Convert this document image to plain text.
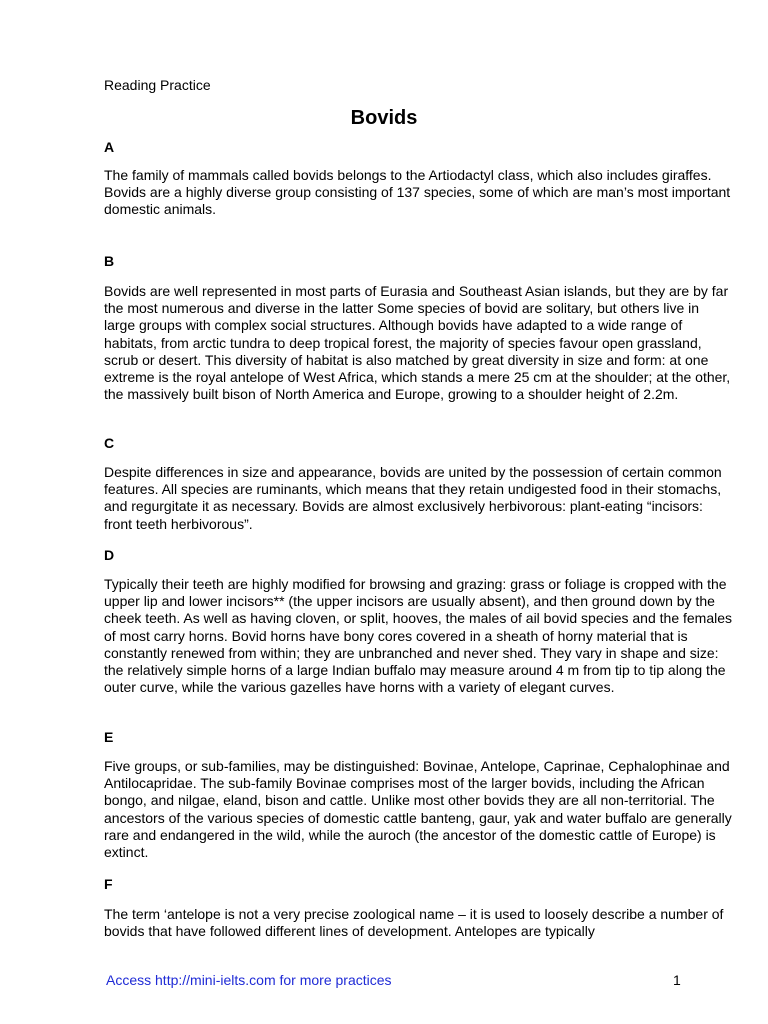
Reading Practice
Bovids
A

The family of mammals called bovids belongs to the Artiodactyl class, which also includes giraffes. Bovids are a highly diverse group consisting of 137 species, some of which are man’s most important domestic animals.

B

Bovids are well represented in most parts of Eurasia and Southeast Asian islands, but they are by far the most numerous and diverse in the latter Some species of bovid are solitary, but others live in large groups with complex social structures. Although bovids have adapted to a wide range of habitats, from arctic tundra to deep tropical forest, the majority of species favour open grassland, scrub or desert. This diversity of habitat is also matched by great diversity in size and form: at one extreme is the royal antelope of West Africa, which stands a mere 25 cm at the shoulder; at the other, the massively built bison of North America and Europe, growing to a shoulder height of 2.2m.

C

Despite differences in size and appearance, bovids are united by the possession of certain common features. All species are ruminants, which means that they retain undigested food in their stomachs, and regurgitate it as necessary. Bovids are almost exclusively herbivorous: plant-eating “incisors: front teeth herbivorous”.

D

Typically their teeth are highly modified for browsing and grazing: grass or foliage is cropped with the upper lip and lower incisors** (the upper incisors are usually absent), and then ground down by the cheek teeth. As well as having cloven, or split, hooves, the males of ail bovid species and the females of most carry horns. Bovid horns have bony cores covered in a sheath of horny material that is constantly renewed from within; they are unbranched and never shed. They vary in shape and size: the relatively simple horns of a large Indian buffalo may measure around 4 m from tip to tip along the outer curve, while the various gazelles have horns with a variety of elegant curves.

E

Five groups, or sub-families, may be distinguished: Bovinae, Antelope, Caprinae, Cephalophinae and Antilocapridae. The sub-family Bovinae comprises most of the larger bovids, including the African bongo, and nilgae, eland, bison and cattle. Unlike most other bovids they are all non-territorial. The ancestors of the various species of domestic cattle banteng, gaur, yak and water buffalo are generally rare and endangered in the wild, while the auroch (the ancestor of the domestic cattle of Europe) is extinct.

F

The term ‘antelope is not a very precise zoological name – it is used to loosely describe a number of bovids that have followed different lines of development. Antelopes are typically

Access http://mini-ielts.com for more practices	1
